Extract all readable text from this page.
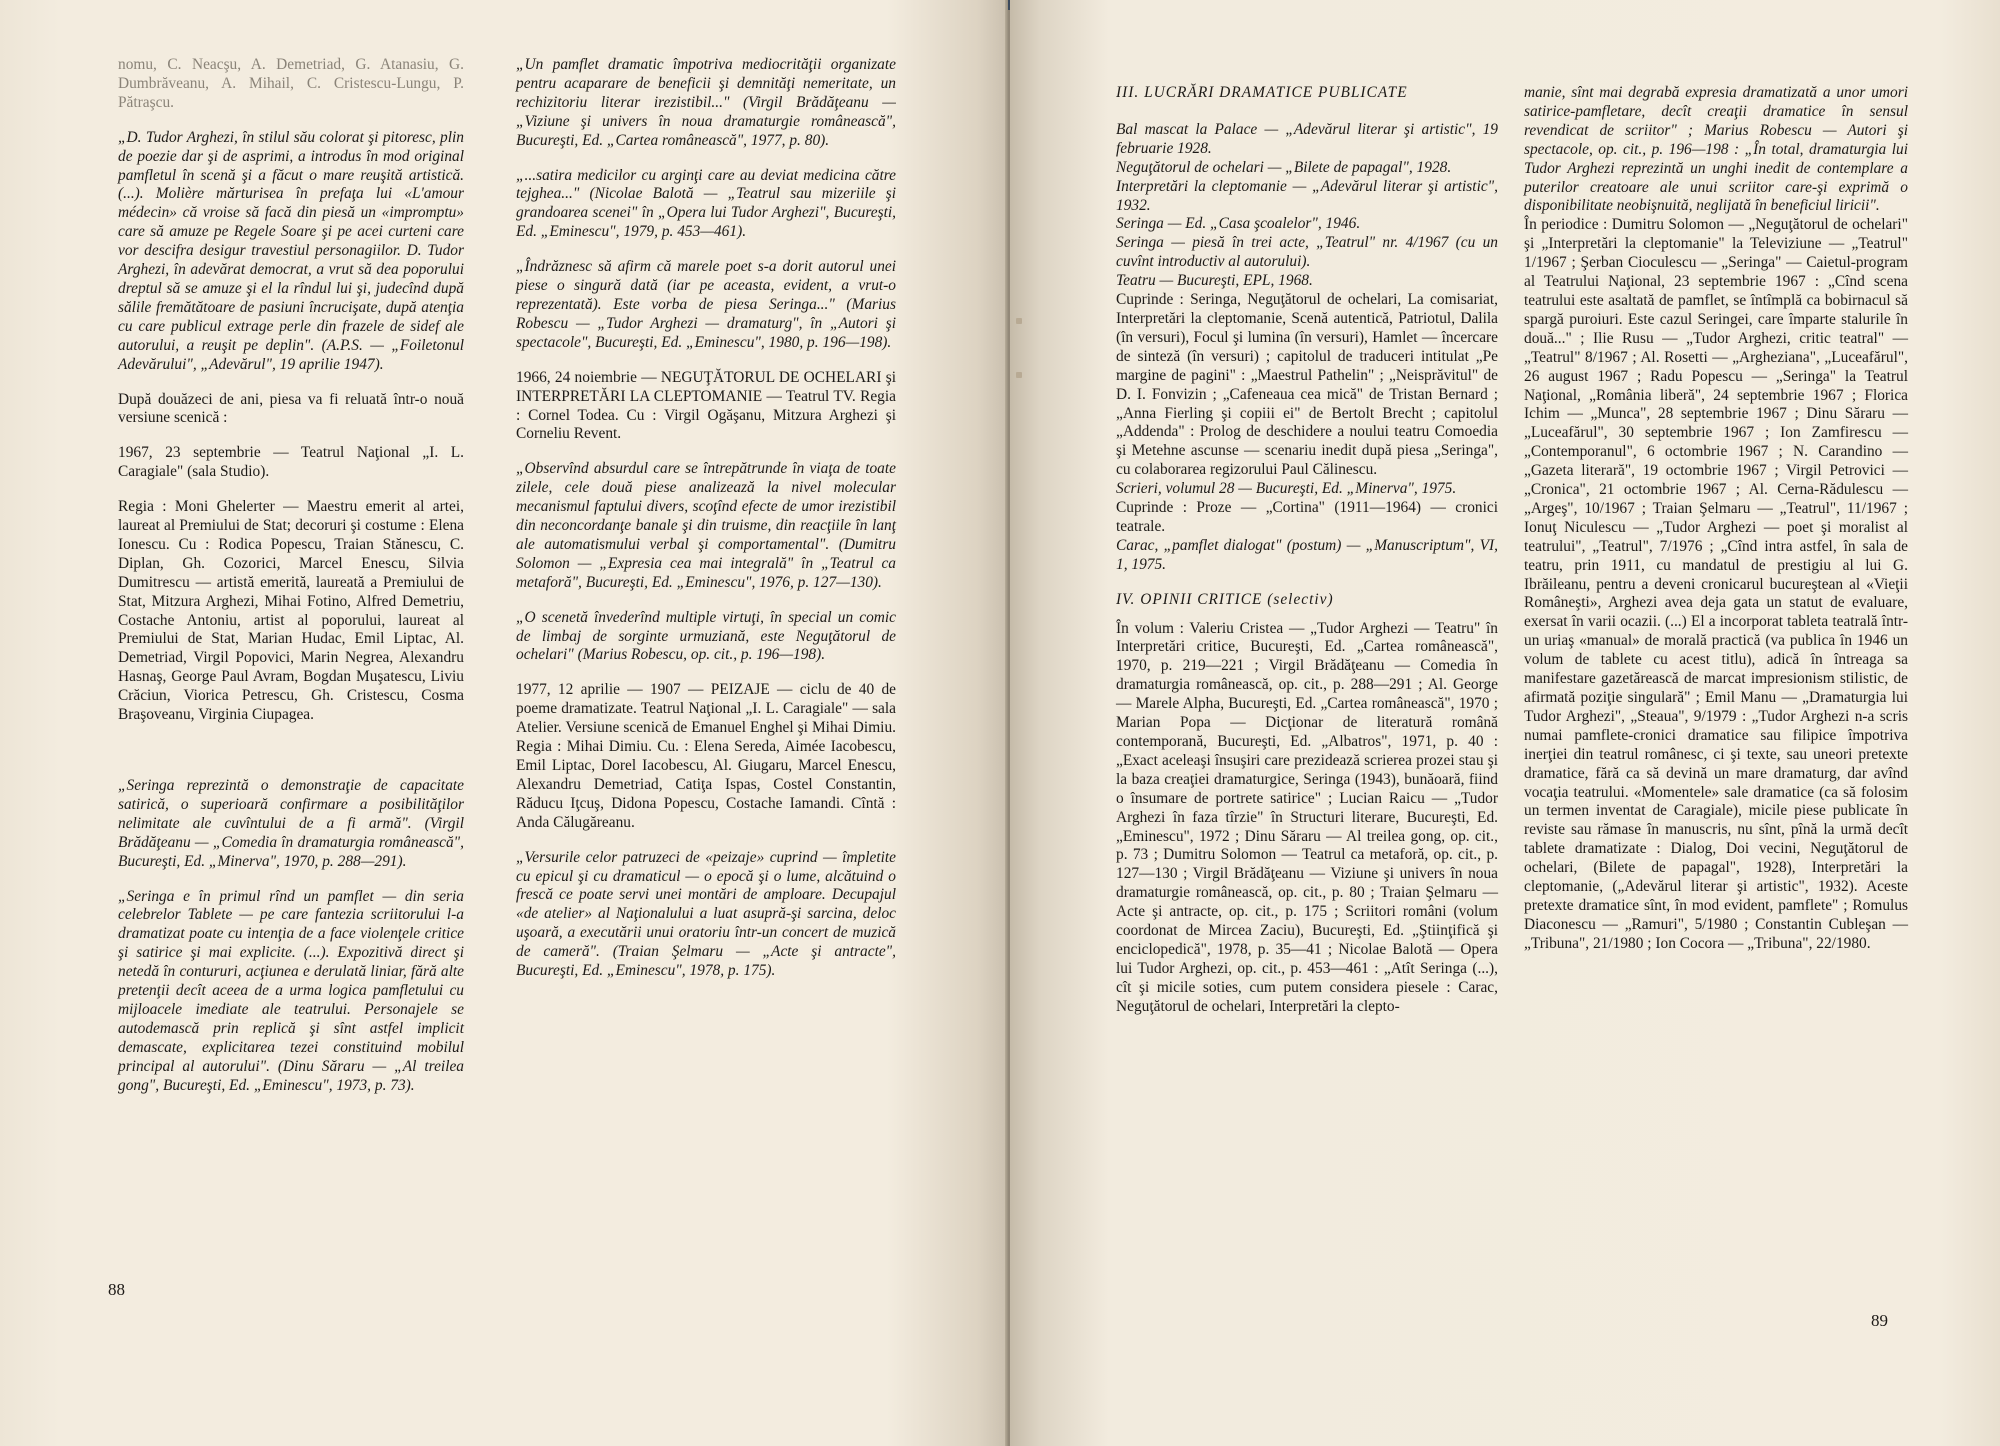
nomu, C. Neacşu, A. Demetriad, G. Atanasiu, G. Dumbrăveanu, A. Mihail, C. Cristescu-Lungu, P. Pătraşcu.

„D. Tudor Arghezi, în stilul său colorat şi pitoresc, plin de poezie dar şi de asprimi, a introdus în mod original pamfletul în scenă şi a făcut o mare reuşită artistică. (...). Molière mărturisea în prefaţa lui «L'amour médecin» că vroise să facă din piesă un «impromptu» care să amuze pe Regele Soare şi pe acei curteni care vor descifra desigur travestiul personagiilor. D. Tudor Arghezi, în adevărat democrat, a vrut să dea poporului dreptul să se amuze şi el la rîndul lui şi, judecînd după sălile fremătătoare de pasiuni încrucişate, după atenţia cu care publicul extrage perle din frazele de sidef ale autorului, a reuşit pe deplin". (A.P.S. — „Foiletonul Adevărului", „Adevărul", 19 aprilie 1947).

După douăzeci de ani, piesa va fi reluată într-o nouă versiune scenică :

1967, 23 septembrie — Teatrul Naţional „I. L. Caragiale" (sala Studio).

Regia : Moni Ghelerter — Maestru emerit al artei, laureat al Premiului de Stat; decoruri şi costume : Elena Ionescu. Cu : Rodica Popescu, Traian Stănescu, C. Diplan, Gh. Cozorici, Marcel Enescu, Silvia Dumitrescu — artistă emerită, laureată a Premiului de Stat, Mitzura Arghezi, Mihai Fotino, Alfred Demetriu, Costache Antoniu, artist al poporului, laureat al Premiului de Stat, Marian Hudac, Emil Liptac, Al. Demetriad, Virgil Popovici, Marin Negrea, Alexandru Hasnaş, George Paul Avram, Bogdan Muşatescu, Liviu Crăciun, Viorica Petrescu, Gh. Cristescu, Cosma Braşoveanu, Virginia Ciupagea.

„Seringa reprezintă o demonstraţie de capacitate satirică, o superioară confirmare a posibilităţilor nelimitate ale cuvîntului de a fi armă". (Virgil Brădăţeanu — „Comedia în dramaturgia românească", Bucureşti, Ed. „Minerva", 1970, p. 288—291).

„Seringa e în primul rînd un pamflet — din seria celebrelor Tablete — pe care fantezia scriitorului l-a dramatizat poate cu intenţia de a face violenţele critice şi satirice şi mai explicite. (...). Expozitivă direct şi netedă în contururi, acţiunea e derulată liniar, fără alte pretenţii decît aceea de a urma logica pamfletului cu mijloacele imediate ale teatrului. Personajele se autodemască prin replică şi sînt astfel implicit demascate, explicitarea tezei constituind mobilul principal al autorului". (Dinu Săraru — „Al treilea gong", Bucureşti, Ed. „Eminescu", 1973, p. 73).

„Un pamflet dramatic împotriva mediocrităţii organizate pentru acaparare de beneficii şi demnităţi nemeritate, un rechizitoriu literar irezistibil..." (Virgil Brădăţeanu — „Viziune şi univers în noua dramaturgie românească", Bucureşti, Ed. „Cartea românească", 1977, p. 80).

„...satira medicilor cu arginţi care au deviat medicina către tejghea..." (Nicolae Balotă — „Teatrul sau mizeriile şi grandoarea scenei" în „Opera lui Tudor Arghezi", Bucureşti, Ed. „Eminescu", 1979, p. 453—461).

„Îndrăznesc să afirm că marele poet s-a dorit autorul unei piese o singură dată (iar pe aceasta, evident, a vrut-o reprezentată). Este vorba de piesa Seringa..." (Marius Robescu — „Tudor Arghezi — dramaturg", în „Autori şi spectacole", Bucureşti, Ed. „Eminescu", 1980, p. 196—198).

1966, 24 noiembrie — NEGUŢĂTORUL DE OCHELARI şi INTERPRETĂRI LA CLEPTOMANIE — Teatrul TV. Regia : Cornel Todea. Cu : Virgil Ogăşanu, Mitzura Arghezi şi Corneliu Revent.

„Observînd absurdul care se întrepătrunde în viaţa de toate zilele, cele două piese analizează la nivel molecular mecanismul faptului divers, scoţînd efecte de umor irezistibil din neconcordanţe banale şi din truisme, din reacţiile în lanţ ale automatismului verbal şi comportamental". (Dumitru Solomon — „Expresia cea mai integrală" în „Teatrul ca metaforă", Bucureşti, Ed. „Eminescu", 1976, p. 127—130).

„O scenetă învederînd multiple virtuţi, în special un comic de limbaj de sorginte urmuziană, este Neguţătorul de ochelari" (Marius Robescu, op. cit., p. 196—198).

1977, 12 aprilie — 1907 — PEIZAJE — ciclu de 40 de poeme dramatizate. Teatrul Naţional „I. L. Caragiale" — sala Atelier. Versiune scenică de Emanuel Enghel şi Mihai Dimiu. Regia : Mihai Dimiu. Cu. : Elena Sereda, Aimée Iacobescu, Emil Liptac, Dorel Iacobescu, Al. Giugaru, Marcel Enescu, Alexandru Demetriad, Catiţa Ispas, Costel Constantin, Răducu Iţcuş, Didona Popescu, Costache Iamandi. Cîntă : Anda Călugăreanu.

„Versurile celor patruzeci de «peizaje» cuprind — împletite cu epicul şi cu dramaticul — o epocă şi o lume, alcătuind o frescă ce poate servi unei montări de amploare. Decupajul «de atelier» al Naţionalului a luat asupră-şi sarcina, deloc uşoară, a executării unui oratoriu într-un concert de muzică de cameră". (Traian Şelmaru — „Acte şi antracte", Bucureşti, Ed. „Eminescu", 1978, p. 175).

88

III. LUCRĂRI DRAMATICE PUBLICATE

Bal mascat la Palace — „Adevărul literar şi artistic", 19 februarie 1928.

Neguţătorul de ochelari — „Bilete de papagal", 1928.

Interpretări la cleptomanie — „Adevărul literar şi artistic", 1932.

Seringa — Ed. „Casa şcoalelor", 1946.

Seringa — piesă în trei acte, „Teatrul" nr. 4/1967 (cu un cuvînt introductiv al autorului).

Teatru — Bucureşti, EPL, 1968.

Cuprinde : Seringa, Neguţătorul de ochelari, La comisariat, Interpretări la cleptomanie, Scenă autentică, Patriotul, Dalila (în versuri), Focul şi lumina (în versuri), Hamlet — încercare de sinteză (în versuri) ; capitolul de traduceri intitulat „Pe margine de pagini" : „Maestrul Pathelin" ; „Neisprăvitul" de D. I. Fonvizin ; „Cafeneaua cea mică" de Tristan Bernard ; „Anna Fierling şi copiii ei" de Bertolt Brecht ; capitolul „Addenda" : Prolog de deschidere a noului teatru Comoedia şi Metehne ascunse — scenariu inedit după piesa „Seringa", cu colaborarea regizorului Paul Călinescu.

Scrieri, volumul 28 — Bucureşti, Ed. „Minerva", 1975.

Cuprinde : Proze — „Cortina" (1911—1964) — cronici teatrale.

Carac, „pamflet dialogat" (postum) — „Manuscriptum", VI, 1, 1975.

IV. OPINII CRITICE (selectiv)

În volum : Valeriu Cristea — „Tudor Arghezi — Teatru" în Interpretări critice, Bucureşti, Ed. „Cartea românească", 1970, p. 219—221 ; Virgil Brădăţeanu — Comedia în dramaturgia românească, op. cit., p. 288—291 ; Al. George — Marele Alpha, Bucureşti, Ed. „Cartea românească", 1970 ; Marian Popa — Dicţionar de literatură română contemporană, Bucureşti, Ed. „Albatros", 1971, p. 40 : „Exact aceleaşi însuşiri care prezidează scrierea prozei stau şi la baza creaţiei dramaturgice, Seringa (1943), bunăoară, fiind o însumare de portrete satirice" ; Lucian Raicu — „Tudor Arghezi în faza tîrzie" în Structuri literare, Bucureşti, Ed. „Eminescu", 1972 ; Dinu Săraru — Al treilea gong, op. cit., p. 73 ; Dumitru Solomon — Teatrul ca metaforă, op. cit., p. 127—130 ; Virgil Brădăţeanu — Viziune şi univers în noua dramaturgie românească, op. cit., p. 80 ; Traian Şelmaru — Acte şi antracte, op. cit., p. 175 ; Scriitori români (volum coordonat de Mircea Zaciu), Bucureşti, Ed. „Ştiinţifică şi enciclopedică", 1978, p. 35—41 ; Nicolae Balotă — Opera lui Tudor Arghezi, op. cit., p. 453—461 : „Atît Seringa (...), cît şi micile soties, cum putem considera piesele : Carac, Neguţătorul de ochelari, Interpretări la clepto-

manie, sînt mai degrabă expresia dramatizată a unor umori satirice-pamfletare, decît creaţii dramatice în sensul revendicat de scriitor" ; Marius Robescu — Autori şi spectacole, op. cit., p. 196—198 : „În total, dramaturgia lui Tudor Arghezi reprezintă un unghi inedit de contemplare a puterilor creatoare ale unui scriitor care-şi exprimă o disponibilitate neobişnuită, neglijată în beneficiul liricii".

În periodice : Dumitru Solomon — „Neguţătorul de ochelari" şi „Interpretări la cleptomanie" la Televiziune — „Teatrul" 1/1967 ; Şerban Cioculescu — „Seringa" — Caietul-program al Teatrului Naţional, 23 septembrie 1967 : „Cînd scena teatrului este asaltată de pamflet, se întîmplă ca bobirnacul să spargă puroiuri. Este cazul Seringei, care împarte stalurile în două..." ; Ilie Rusu — „Tudor Arghezi, critic teatral" — „Teatrul" 8/1967 ; Al. Rosetti — „Argheziana", „Luceafărul", 26 august 1967 ; Radu Popescu — „Seringa" la Teatrul Naţional, „România liberă", 24 septembrie 1967 ; Florica Ichim — „Munca", 28 septembrie 1967 ; Dinu Săraru — „Luceafărul", 30 septembrie 1967 ; Ion Zamfirescu — „Contemporanul", 6 octombrie 1967 ; N. Carandino — „Gazeta literară", 19 octombrie 1967 ; Virgil Petrovici — „Cronica", 21 octombrie 1967 ; Al. Cerna-Rădulescu — „Argeş", 10/1967 ; Traian Şelmaru — „Teatrul", 11/1967 ; Ionuţ Niculescu — „Tudor Arghezi — poet şi moralist al teatrului", „Teatrul", 7/1976 ; „Cînd intra astfel, în sala de teatru, prin 1911, cu mandatul de prestigiu al lui G. Ibrăileanu, pentru a deveni cronicarul bucureştean al «Vieţii Româneşti», Arghezi avea deja gata un statut de evaluare, exersat în varii ocazii. (...) El a incorporat tableta teatrală într-un uriaş «manual» de morală practică (va publica în 1946 un volum de tablete cu acest titlu), adică în întreaga sa manifestare gazetărească de marcat impresionism stilistic, de afirmată poziţie singulară" ; Emil Manu — „Dramaturgia lui Tudor Arghezi", „Steaua", 9/1979 : „Tudor Arghezi n-a scris numai pamflete-cronici dramatice sau filipice împotriva inerţiei din teatrul românesc, ci şi texte, sau uneori pretexte dramatice, fără ca să devină un mare dramaturg, dar avînd vocaţia teatrului. «Momentele» sale dramatice (ca să folosim un termen inventat de Caragiale), micile piese publicate în reviste sau rămase în manuscris, nu sînt, pînă la urmă decît tablete dramatizate : Dialog, Doi vecini, Neguţătorul de ochelari, (Bilete de papagal", 1928), Interpretări la cleptomanie, („Adevărul literar şi artistic", 1932). Aceste pretexte dramatice sînt, în mod evident, pamflete" ; Romulus Diaconescu — „Ramuri", 5/1980 ; Constantin Cubleşan — „Tribuna", 21/1980 ; Ion Cocora — „Tribuna", 22/1980.

89
